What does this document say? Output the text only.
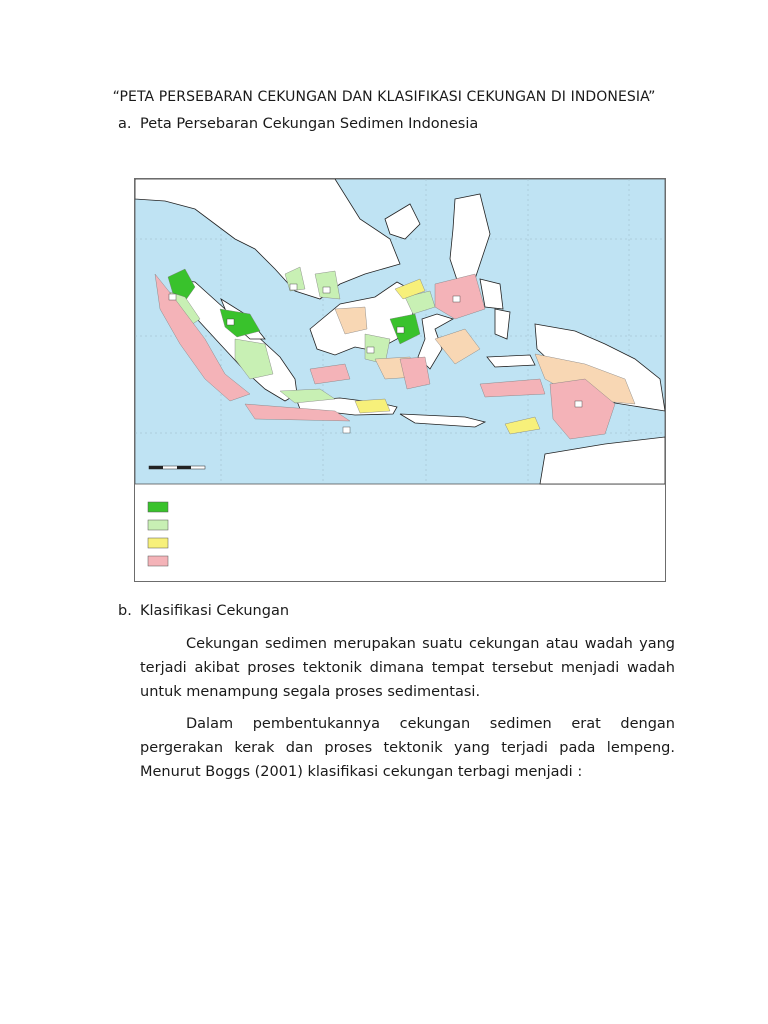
“PETA PERSEBARAN CEKUNGAN DAN KLASIFIKASI CEKUNGAN DI INDONESIA”
a. Peta Persebaran Cekungan Sedimen Indonesia
b. Klasifikasi Cekungan
Cekungan sedimen merupakan suatu cekungan atau wadah yang
terjadi akibat proses tektonik dimana tempat tersebut menjadi wadah
untuk menampung segala proses sedimentasi.
Dalam pembentukannya cekungan sedimen erat dengan
pergerakan kerak dan proses tektonik yang terjadi pada lempeng.
Menurut Boggs (2001) klasifikasi cekungan terbagi menjadi :
